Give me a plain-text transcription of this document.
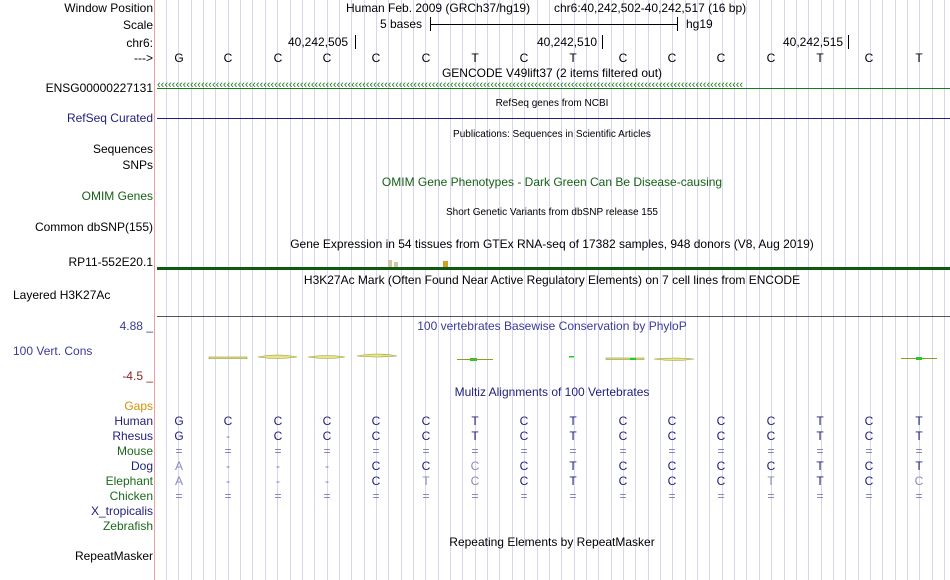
Window Position	Human Feb. 2009 (GRCh37/hg19) chr6:40,242,502-40,242,517 (16 bp)
Scale	5 bases	hg19
chr6:	40,242,505	40,242,510	40,242,515
---> G	C	C	C	C	C	T	C	T	C	C	C	C	T	C	T
GENCODE V49lift37 (2 items filtered out)
ENSG00000227131 ‹‹‹‹‹‹‹‹‹‹‹‹‹‹‹‹‹‹‹‹‹‹‹‹‹‹‹‹‹‹‹‹‹‹‹‹‹‹‹‹‹‹‹‹‹‹‹‹‹‹‹‹‹‹‹‹‹‹‹‹‹‹‹‹‹‹‹‹‹‹‹‹‹‹‹‹‹‹‹‹‹‹‹‹‹‹‹‹‹‹‹‹‹‹‹‹‹‹‹‹‹‹‹‹‹‹‹‹‹‹‹‹‹‹‹‹‹‹‹‹‹‹‹‹‹‹‹‹‹‹‹‹‹‹‹‹‹‹‹‹‹‹‹‹‹‹‹‹‹‹‹‹‹‹‹‹‹‹‹‹
RefSeq genes from NCBI
RefSeq Curated
Publications: Sequences in Scientific Articles
Sequences
SNPs
OMIM Gene Phenotypes - Dark Green Can Be Disease-causing
OMIM Genes
Short Genetic Variants from dbSNP release 155
Common dbSNP(155)
Gene Expression in 54 tissues from GTEx RNA-seq of 17382 samples, 948 donors (V8, Aug 2019)
RP11-552E20.1
H3K27Ac Mark (Often Found Near Active Regulatory Elements) on 7 cell lines from ENCODE
Layered H3K27Ac
100 vertebrates Basewise Conservation by PhyloP
4.88 _
100 Vert. Cons
-4.5 _
Multiz Alignments of 100 Vertebrates
Gaps
Human G	C	C	C	C	C	T	C	T	C	C	C	C	T	C	T
Rhesus G	-	C	C	C	C	T	C	T	C	C	C	C	T	C	T
Mouse =	=	=	=	=	=	=	=	=	=	=	=	=	=	=	=
Dog A	-	-	-	C	C	C	C	T	C	C	C	C	T	C	T
Elephant A	-	-	-	C	T	C	C	T	C	C	C	T	T	C	C
Chicken =	=	=	=	=	=	=	=	=	=	=	=	=	=	=	=
X_tropicalis
Zebrafish
Repeating Elements by RepeatMasker
RepeatMasker
